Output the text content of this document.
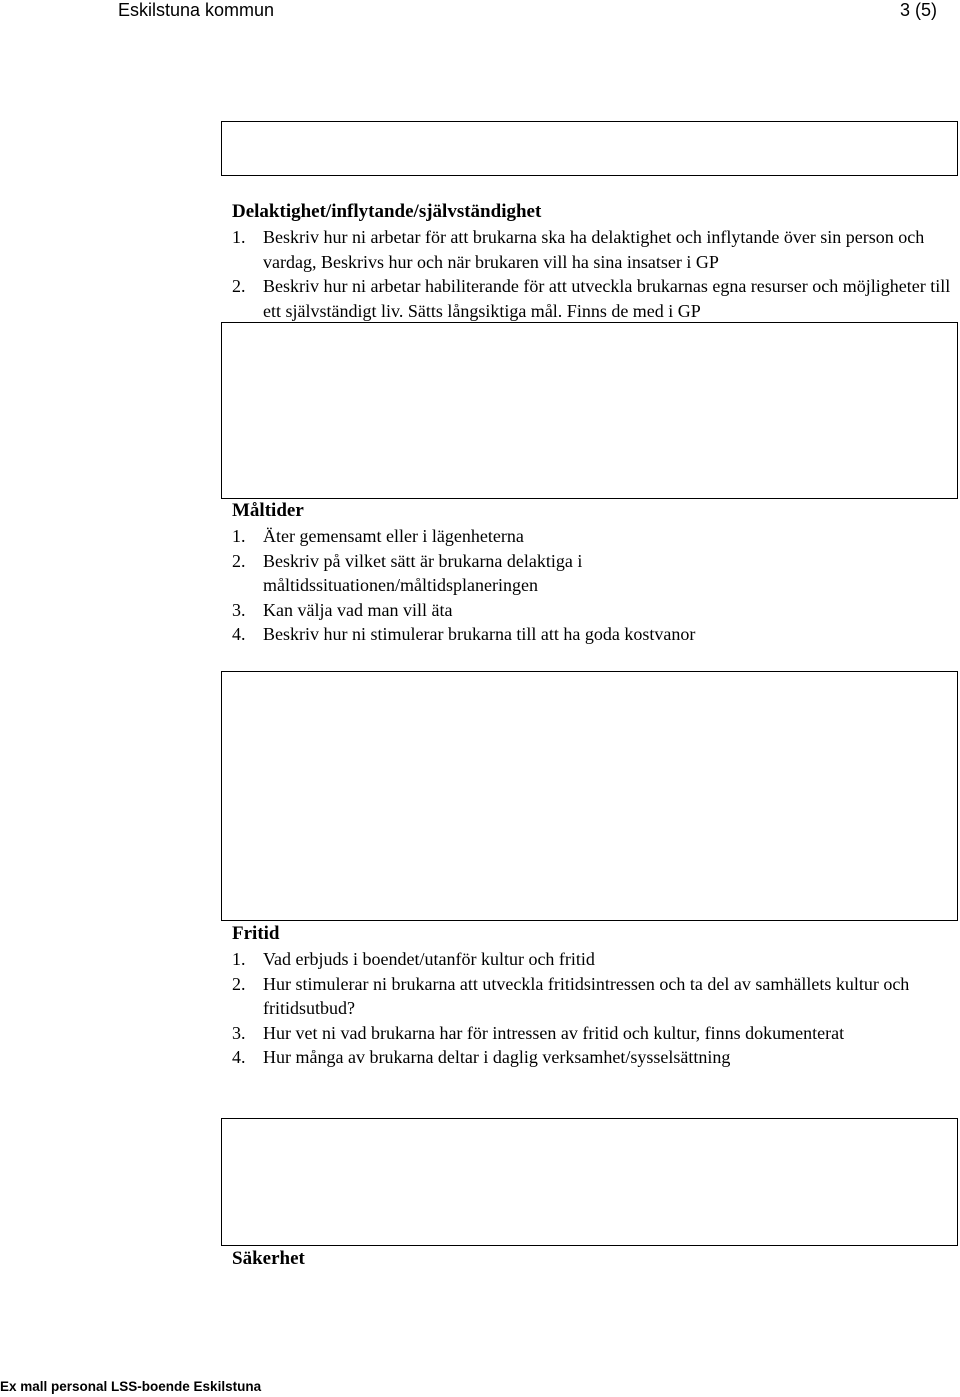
Eskilstuna kommun	3 (5)
Delaktighet/inflytande/självständighet
1. Beskriv hur ni arbetar för att brukarna ska ha delaktighet och inflytande över sin person och vardag, Beskrivs hur och när brukaren vill ha sina insatser i GP
2. Beskriv hur ni arbetar habiliterande för att utveckla brukarnas egna resurser och möjligheter till ett självständigt liv. Sätts långsiktiga mål. Finns de med i GP
Måltider
1. Äter gemensamt eller i lägenheterna
2. Beskriv på vilket sätt är brukarna delaktiga i måltidssituationen/måltidsplaneringen
3. Kan välja vad man vill äta
4. Beskriv hur ni stimulerar brukarna till att ha goda kostvanor
Fritid
1. Vad erbjuds i boendet/utanför kultur och fritid
2. Hur stimulerar ni brukarna att utveckla fritidsintressen och ta del av samhällets kultur och fritidsutbud?
3. Hur vet ni vad brukarna har för intressen av fritid och kultur, finns dokumenterat
4. Hur många av brukarna deltar i daglig verksamhet/sysselsättning
Säkerhet
Ex mall personal LSS-boende Eskilstuna
